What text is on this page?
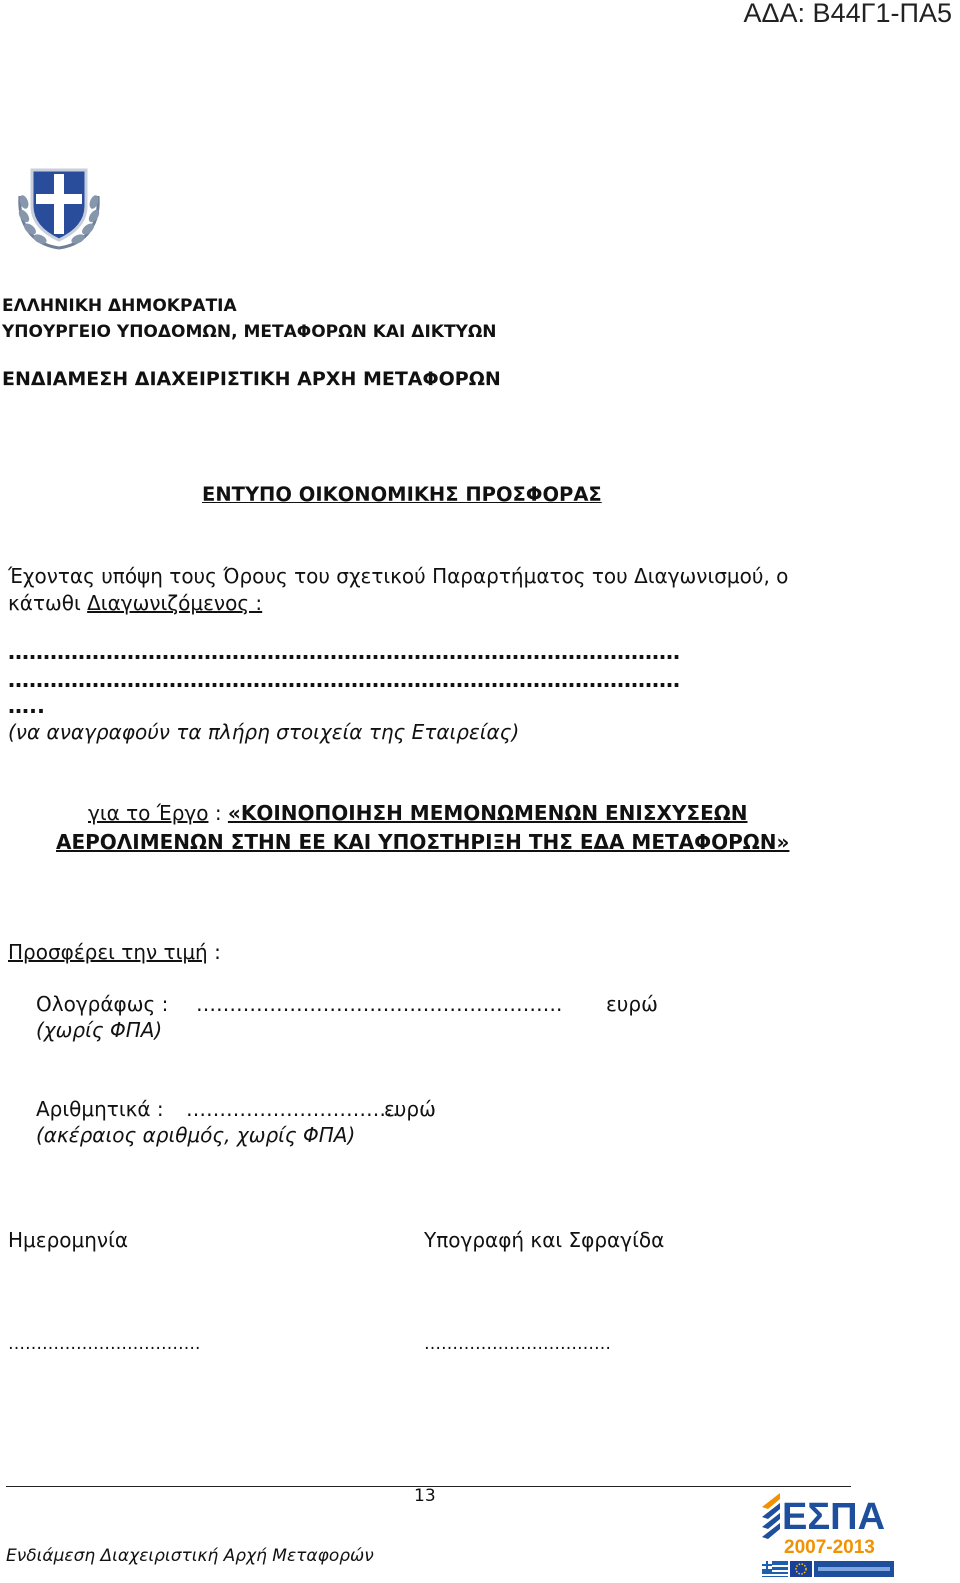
ΑΔΑ: Β44Γ1-ΠΑ5
ΕΛΛΗΝΙΚΗ ΔΗΜΟΚΡΑΤΙΑ
ΥΠΟΥΡΓΕΙΟ ΥΠΟΔΟΜΩΝ, ΜΕΤΑΦΟΡΩΝ ΚΑΙ ΔΙΚΤΥΩΝ
ΕΝΔΙΑΜΕΣΗ ΔΙΑΧΕΙΡΙΣΤΙΚΗ ΑΡΧΗ ΜΕΤΑΦΟΡΩΝ
ΕΝΤΥΠΟ ΟΙΚΟΝΟΜΙΚΗΣ ΠΡΟΣΦΟΡΑΣ
Έχοντας υπόψη τους Όρους του σχετικού Παραρτήματος του Διαγωνισμού, ο
κάτωθι Διαγωνιζόμενος :
……………………………………………………………………………………
……………………………………………………………………………………
…..
(να αναγραφούν τα πλήρη στοιχεία της Εταιρείας)
για το Έργο : «ΚΟΙΝΟΠΟΙΗΣΗ ΜΕΜΟΝΩΜΕΝΩΝ ΕΝΙΣΧΥΣΕΩΝ
ΑΕΡΟΛΙΜΕΝΩΝ ΣΤΗΝ ΕΕ ΚΑΙ ΥΠΟΣΤΗΡΙΞΗ ΤΗΣ ΕΔΑ ΜΕΤΑΦΟΡΩΝ»
Προσφέρει την τιμή :
Ολογράφως : ………………………………………………. ευρώ
(χωρίς ΦΠΑ)
Αριθμητικά : …………………………..
ευρώ
(ακέραιος αριθμός, χωρίς ΦΠΑ)
Ημερομηνία	Υπογραφή και Σφραγίδα
…………………………….	……………………………
13
Ενδιάμεση Διαχειριστική Αρχή Μεταφορών
ΕΣΠΑ
2007-2013
